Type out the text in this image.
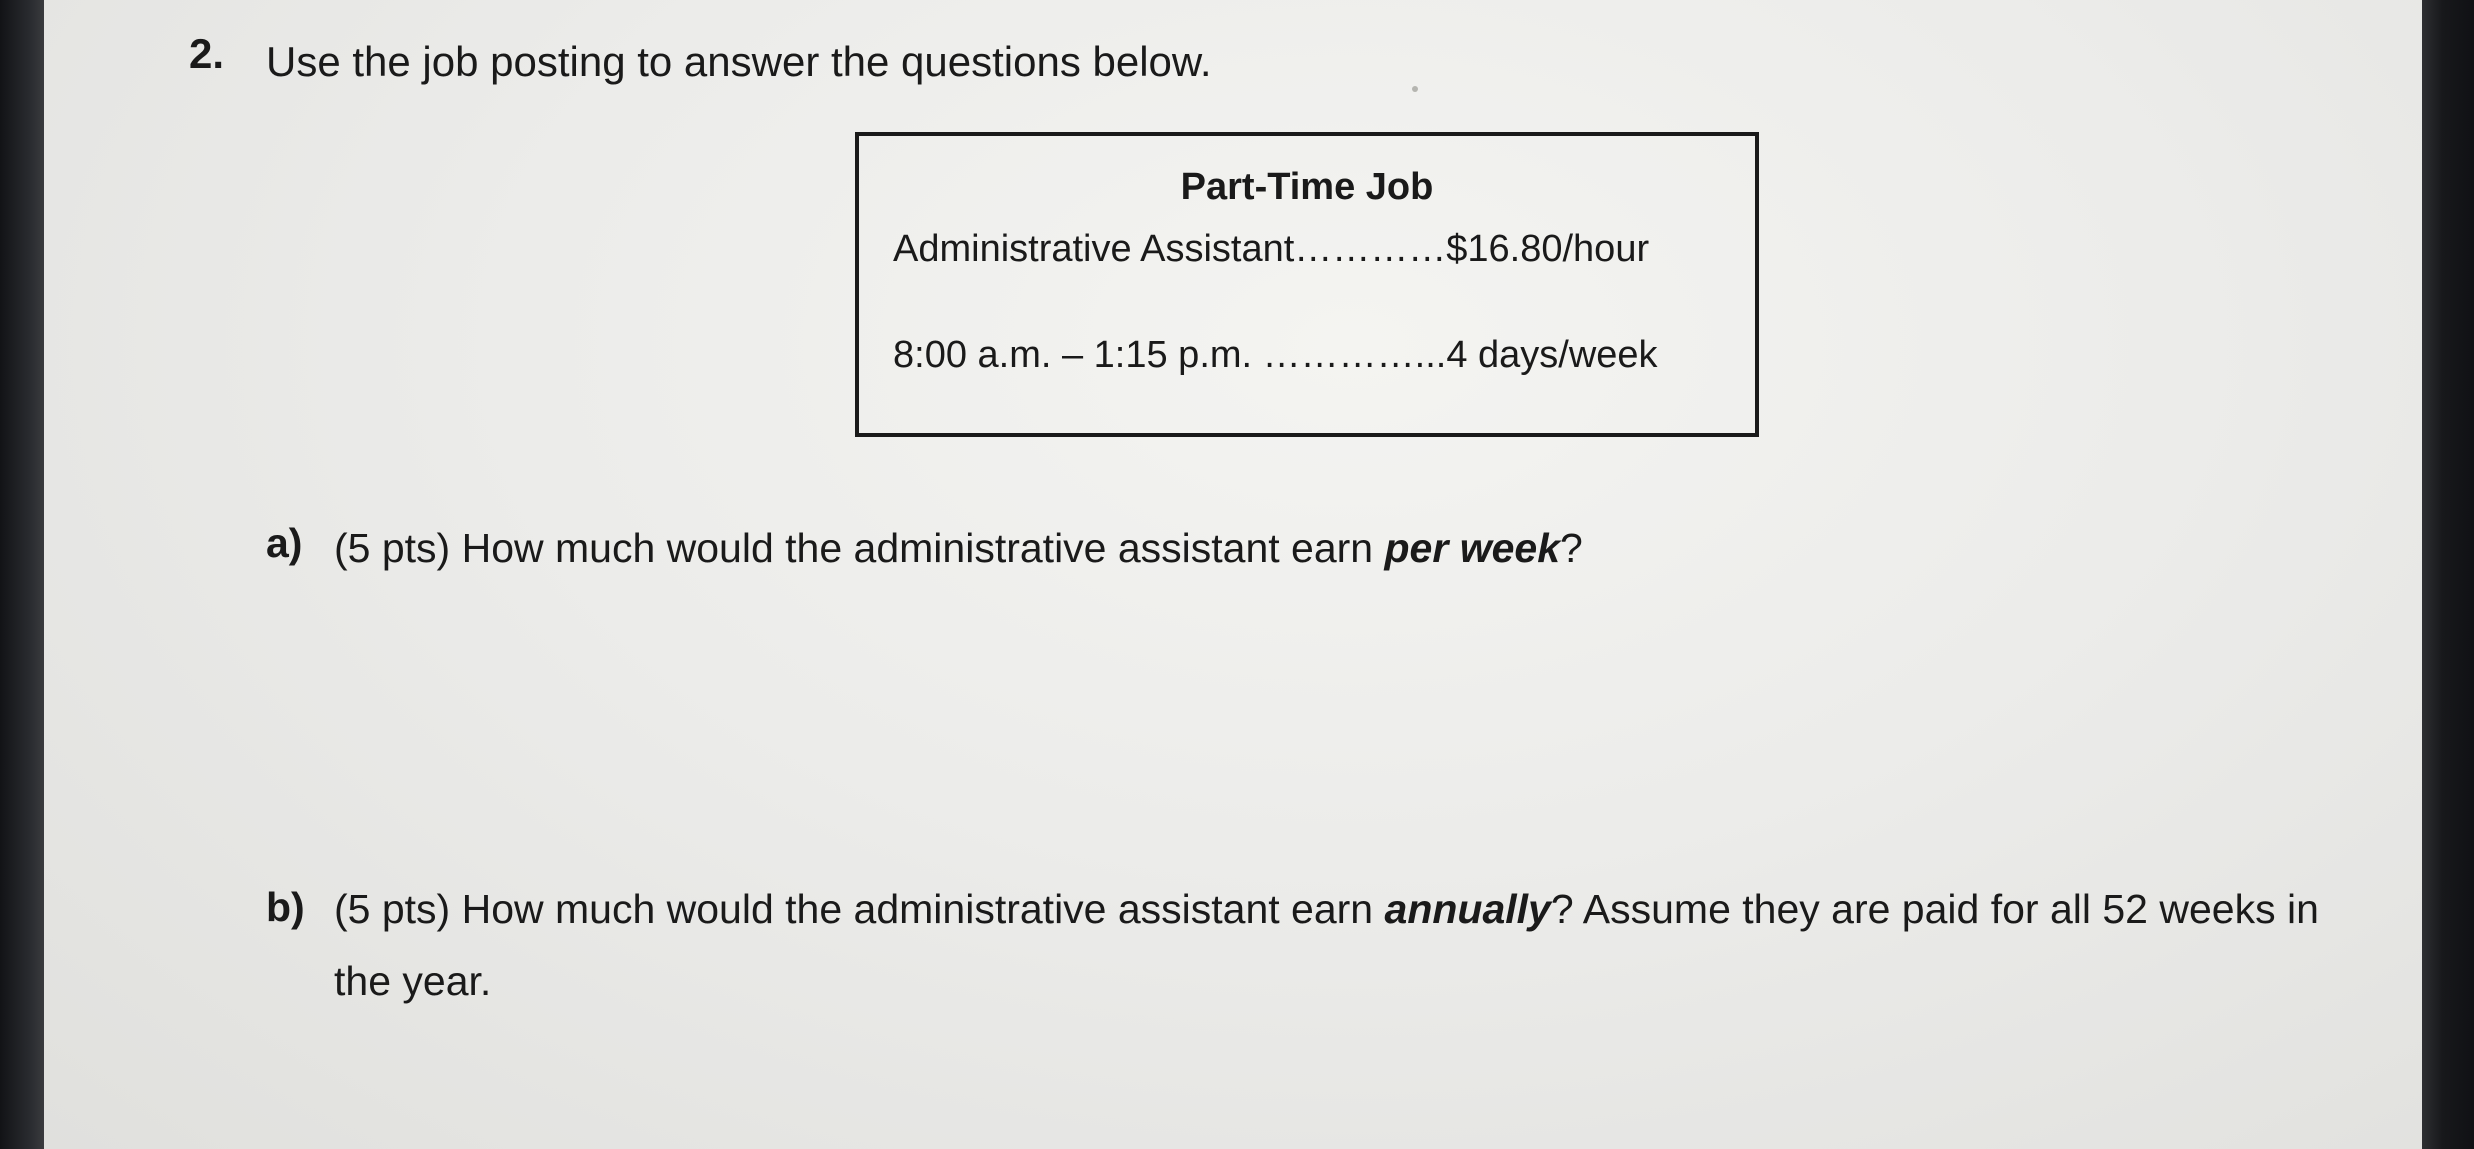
2. Use the job posting to answer the questions below.
Part-Time Job
Administrative Assistant…………$16.80/hour
8:00 a.m. – 1:15 p.m. …………...4 days/week
a) (5 pts) How much would the administrative assistant earn per week?
b) (5 pts) How much would the administrative assistant earn annually? Assume they are paid for all 52 weeks in the year.
